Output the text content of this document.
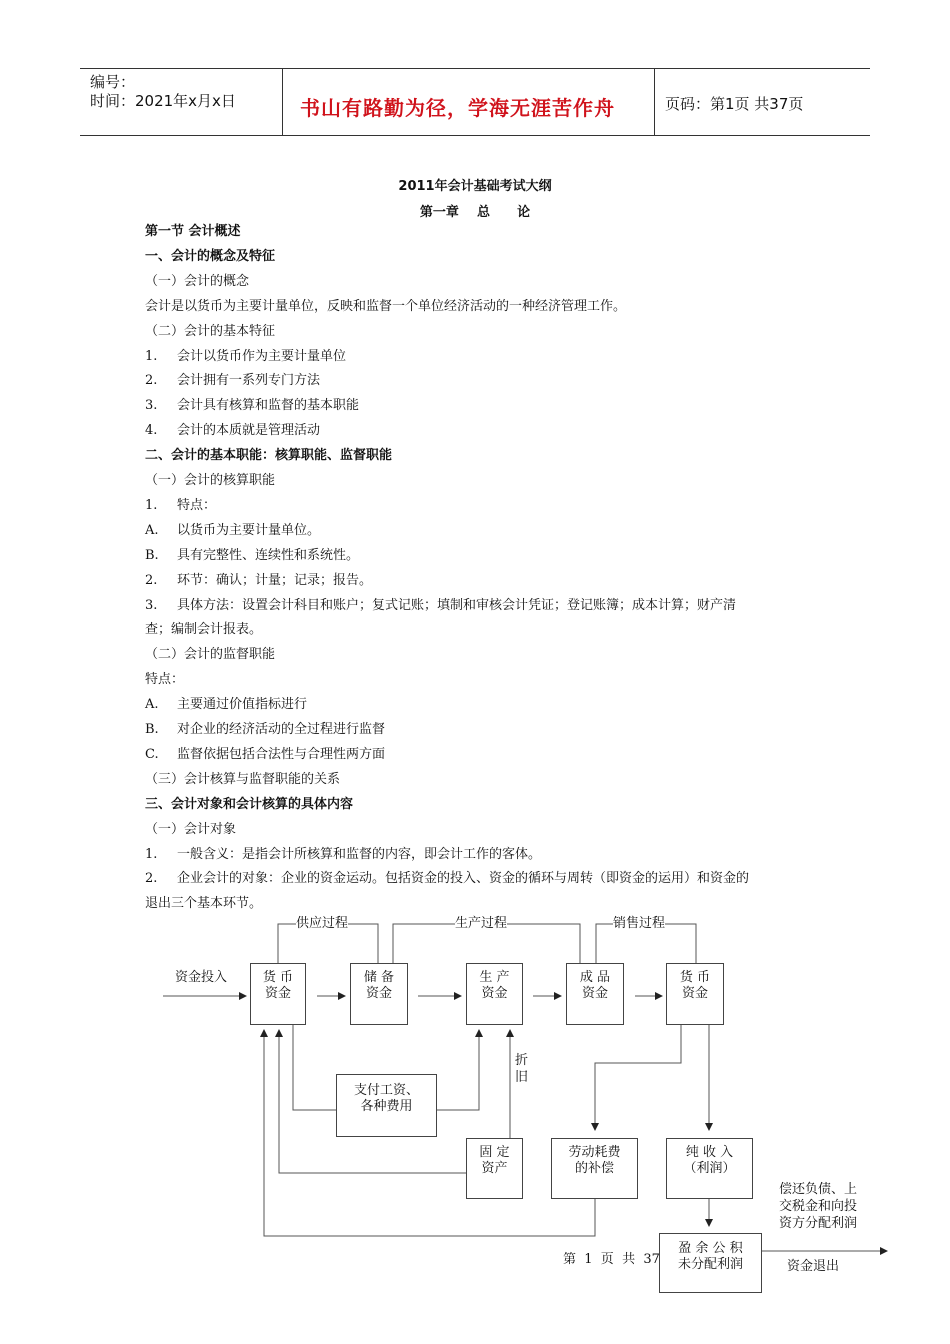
编号：
时间：2021年x月x日	书山有路勤为径，学海无涯苦作舟	页码：第1页 共37页
2011年会计基础考试大纲
第一章    总      论
第一节 会计概述
一、会计的概念及特征
（一）会计的概念
会计是以货币为主要计量单位，反映和监督一个单位经济活动的一种经济管理工作。
（二）会计的基本特征
1. 会计以货币作为主要计量单位
2. 会计拥有一系列专门方法
3. 会计具有核算和监督的基本职能
4. 会计的本质就是管理活动
二、会计的基本职能：核算职能、监督职能
（一）会计的核算职能
1. 特点：
A. 以货币为主要计量单位。
B. 具有完整性、连续性和系统性。
2. 环节：确认；计量；记录；报告。
3. 具体方法：设置会计科目和账户；复式记账；填制和审核会计凭证；登记账簿；成本计算；财产清
查；编制会计报表。
（二）会计的监督职能
特点：
A. 主要通过价值指标进行
B. 对企业的经济活动的全过程进行监督
C. 监督依据包括合法性与合理性两方面
（三）会计核算与监督职能的关系
三、会计对象和会计核算的具体内容
（一）会计对象
1. 一般含义：是指会计所核算和监督的内容，即会计工作的客体。
2. 企业会计的对象：企业的资金运动。包括资金的投入、资金的循环与周转（即资金的运用）和资金的
退出三个基本环节。
供应过程	生产过程	销售过程
资金投入	货 币
资金
储 备
资金
生 产
资金
成 品
资金
货 币
资金
支付工资、
各种费用
固 定
资产
劳动耗费
的补偿
纯 收 入
（利润）
盈 余 公 积
未分配利润
折
旧
偿还负债、上
交税金和向投
资方分配利润
资金退出
第  1  页  共  37
